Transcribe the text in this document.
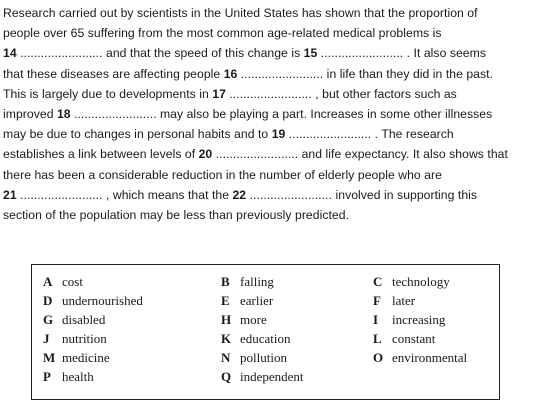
Research carried out by scientists in the United States has shown that the proportion of
people over 65 suffering from the most common age-related medical problems is
14 ........................ and that the speed of this change is 15 ........................ . It also seems
that these diseases are affecting people 16 ........................ in life than they did in the past.
This is largely due to developments in 17 ........................ , but other factors such as
improved 18 ........................ may also be playing a part. Increases in some other illnesses
may be due to changes in personal habits and to 19 ........................ . The research
establishes a link between levels of 20 ........................ and life expectancy. It also shows that
there has been a considerable reduction in the number of elderly people who are
21 ........................ , which means that the 22 ........................ involved in supporting this
section of the population may be less than previously predicted.
A cost
D undernourished
G disabled
J nutrition
M medicine
P health
B falling
E earlier
H more
K education
N pollution
Q independent
C technology
F later
I increasing
L constant
O environmental
